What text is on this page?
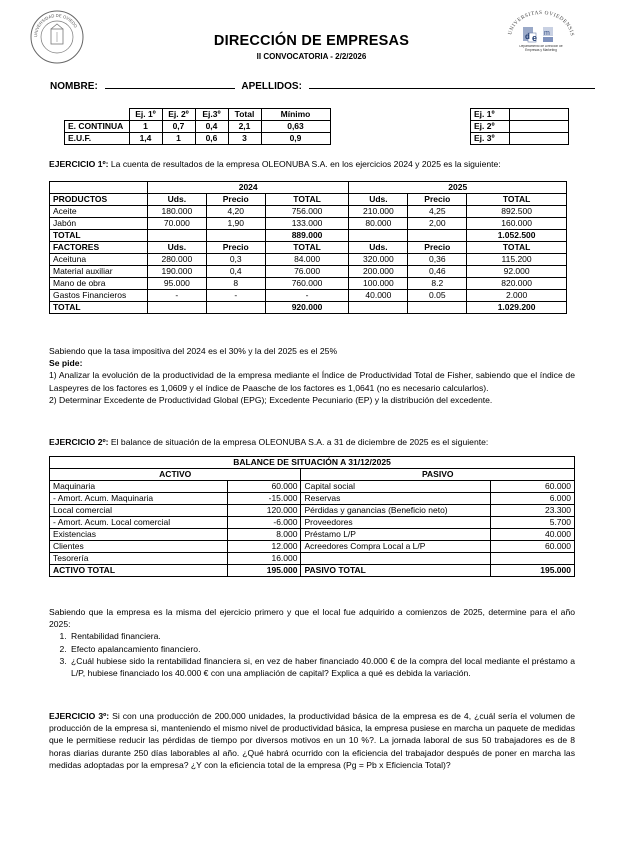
UNIVERSIDAD DE OVIEDO
UNIVERSITAS OVIEDENSIS
d e m
Departamento de Dirección de Empresas y Marketing
DIRECCIÓN DE EMPRESAS
II CONVOCATORIA - 2/2/2026
NOMBRE:	APELLIDOS:
	Ej. 1º	Ej. 2º	Ej.3º	Total	Mínimo
E. CONTINUA	1	0,7	0,4	2,1	0,63
E.U.F.	1,4	1	0,6	3	0,9
Ej. 1º	
Ej. 2º	
Ej. 3º	
EJERCICIO 1º: La cuenta de resultados de la empresa OLEONUBA S.A. en los ejercicios 2024 y 2025 es la siguiente:
	2024			2025		
PRODUCTOS	Uds.	Precio	TOTAL	Uds.	Precio	TOTAL
Aceite	180.000	4,20	756.000	210.000	4,25	892.500
Jabón	70.000	1,90	133.000	80.000	2,00	160.000
TOTAL			889.000			1.052.500
FACTORES	Uds.	Precio	TOTAL	Uds.	Precio	TOTAL
Aceituna	280.000	0,3	84.000	320.000	0,36	115.200
Material auxiliar	190.000	0,4	76.000	200.000	0,46	92.000
Mano de obra	95.000	8	760.000	100.000	8.2	820.000
Gastos Financieros	-	-	-	40.000	0.05	2.000
TOTAL			920.000			1.029.200

Sabiendo que la tasa impositiva del 2024 es el 30% y la del 2025 es el 25%

Se pide:

1) Analizar la evolución de la productividad de la empresa mediante el Índice de Productividad Total de Fisher, sabiendo que el índice de Laspeyres de los factores es 1,0609 y el índice de Paasche de los factores es 1,0641 (no es necesario calcularlos).

2) Determinar Excedente de Productividad Global (EPG); Excedente Pecuniario (EP) y la distribución del excedente.

EJERCICIO 2º: El balance de situación de la empresa OLEONUBA S.A. a 31 de diciembre de 2025 es el siguiente:
BALANCE DE SITUACIÓN A 31/12/2025			
ACTIVO		PASIVO	
Maquinaria	60.000	Capital social	60.000
- Amort. Acum. Maquinaria	-15.000	Reservas	6.000
Local comercial	120.000	Pérdidas y ganancias (Beneficio neto)	23.300
- Amort. Acum. Local comercial	-6.000	Proveedores	5.700
Existencias	8.000	Préstamo L/P	40.000
Clientes	12.000	Acreedores Compra Local a L/P	60.000
Tesorería	16.000		
ACTIVO TOTAL	195.000	PASIVO TOTAL	195.000

Sabiendo que la empresa es la misma del ejercicio primero y que el local fue adquirido a comienzos de 2025, determine para el año 2025:

1. Rentabilidad financiera.
2. Efecto apalancamiento financiero.
3. ¿Cuál hubiese sido la rentabilidad financiera si, en vez de haber financiado 40.000 € de la compra del local mediante el préstamo a L/P, hubiese financiado los 40.000 € con una ampliación de capital? Explica a qué es debida la variación.
EJERCICIO 3º: Si con una producción de 200.000 unidades, la productividad básica de la empresa es de 4, ¿cuál sería el volumen de producción de la empresa si, manteniendo el mismo nivel de productividad básica, la empresa pusiese en marcha un paquete de medidas que le permitiese reducir las pérdidas de tiempo por diversos motivos en un 10 %?. La jornada laboral de sus 50 trabajadores es de 8 horas diarias durante 250 días laborables al año. ¿Qué habrá ocurrido con la eficiencia del trabajador después de poner en marcha las medidas adoptadas por la empresa? ¿Y con la eficiencia total de la empresa (Pg = Pb x Eficiencia Total)?
